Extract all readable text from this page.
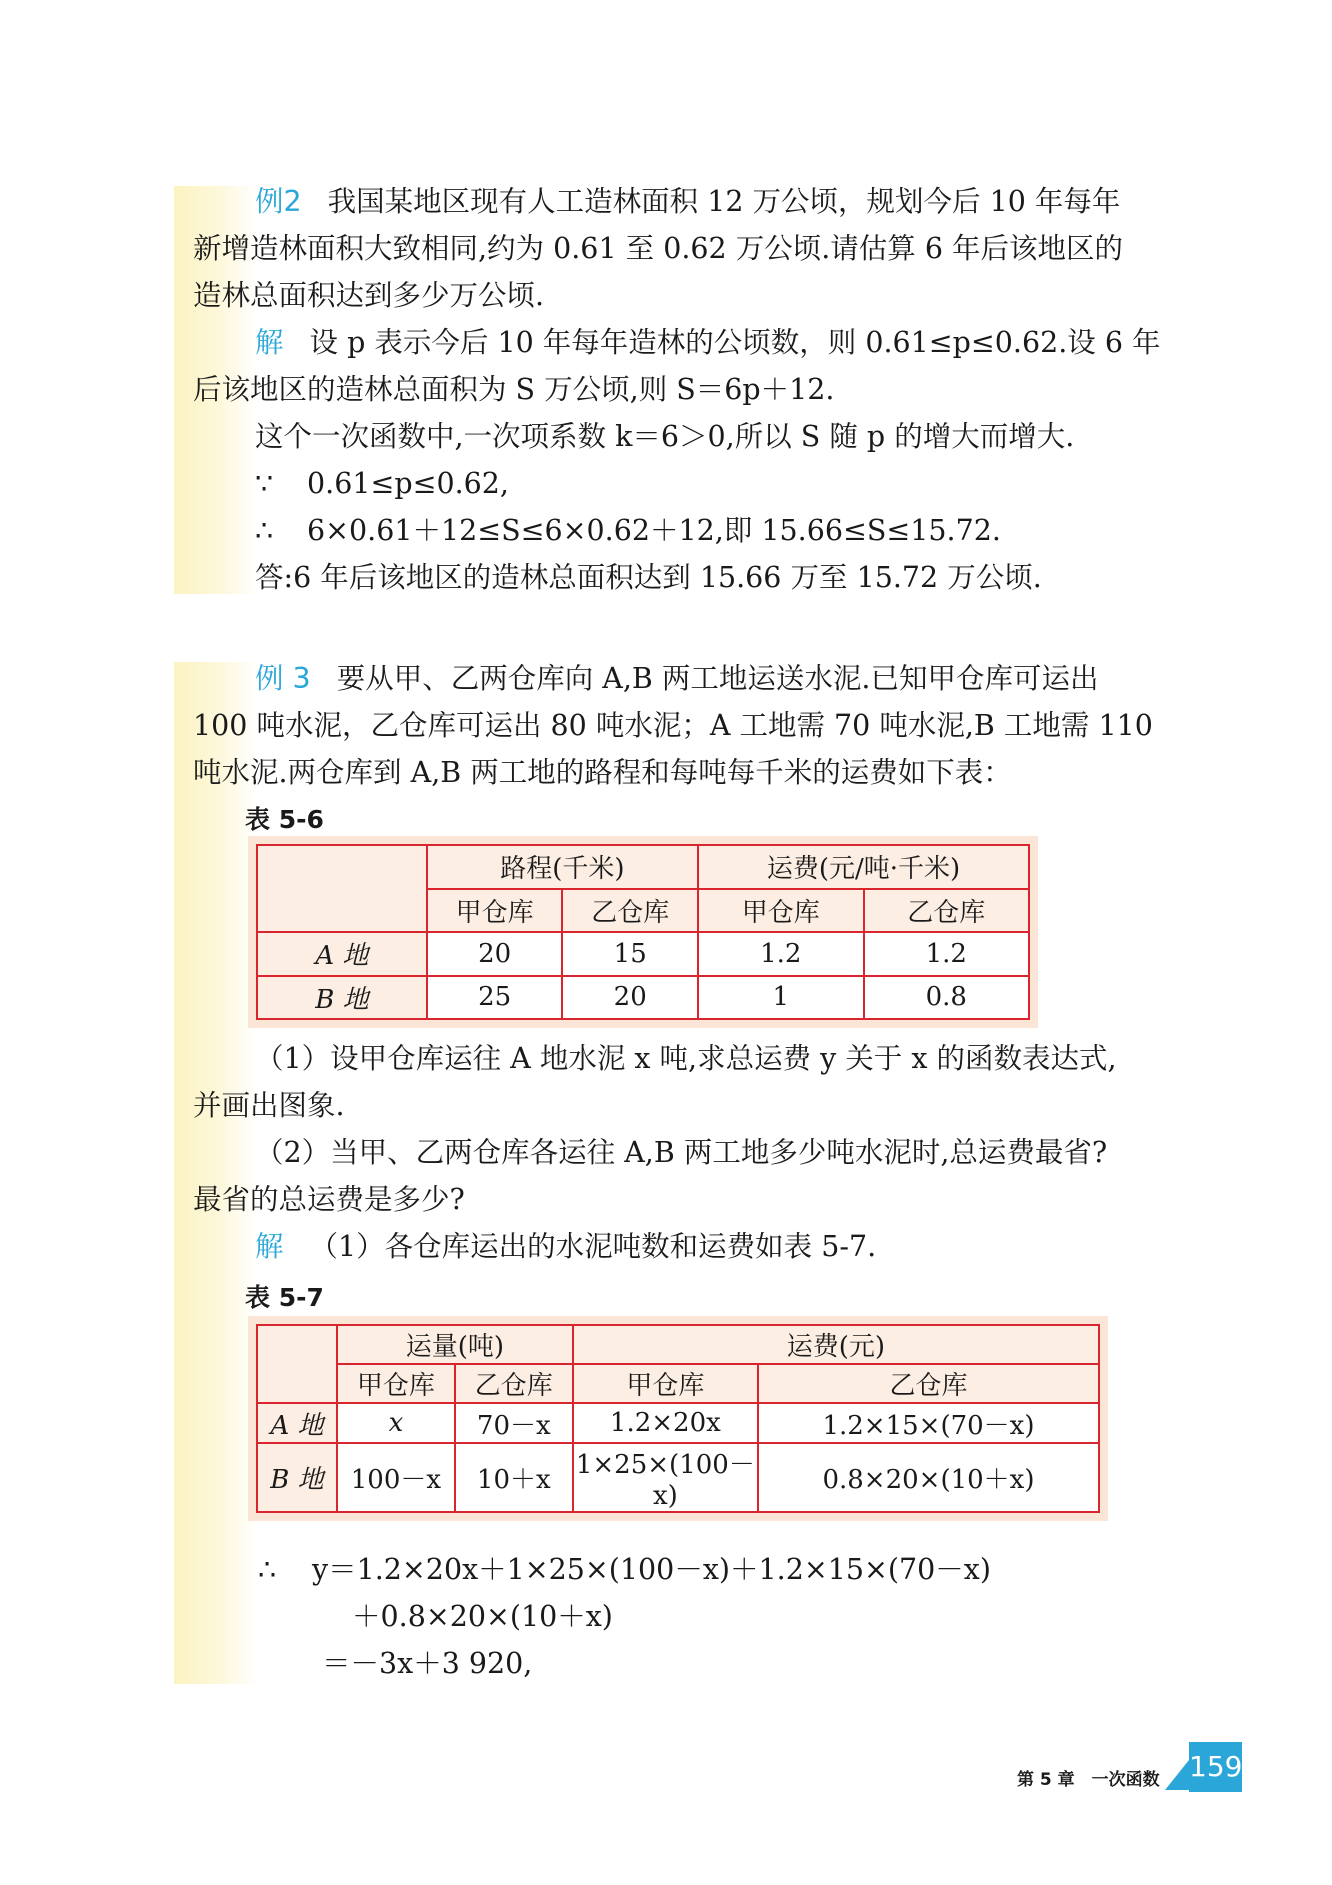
例2 我国某地区现有人工造林面积 12 万公顷，规划今后 10 年每年
新增造林面积大致相同,约为 0.61 至 0.62 万公顷.请估算 6 年后该地区的
造林总面积达到多少万公顷.
解 设 p 表示今后 10 年每年造林的公顷数，则 0.61≤p≤0.62.设 6 年
后该地区的造林总面积为 S 万公顷,则 S＝6p＋12.
这个一次函数中,一次项系数 k＝6＞0,所以 S 随 p 的增大而增大.
∵ 0.61≤p≤0.62,
∴ 6×0.61＋12≤S≤6×0.62＋12,即 15.66≤S≤15.72.
答:6 年后该地区的造林总面积达到 15.66 万至 15.72 万公顷.
例 3 要从甲、乙两仓库向 A,B 两工地运送水泥.已知甲仓库可运出
100 吨水泥，乙仓库可运出 80 吨水泥；A 工地需 70 吨水泥,B 工地需 110
吨水泥.两仓库到 A,B 两工地的路程和每吨每千米的运费如下表：
表 5-6
	路程(千米)		运费(元/吨·千米)	
	甲仓库	乙仓库	甲仓库	乙仓库
A 地	20	15	1.2	1.2
B 地	25	20	1	0.8
（1）设甲仓库运往 A 地水泥 x 吨,求总运费 y 关于 x 的函数表达式,
并画出图象.
（2）当甲、乙两仓库各运往 A,B 两工地多少吨水泥时,总运费最省?
最省的总运费是多少?
解 （1）各仓库运出的水泥吨数和运费如表 5-7.
表 5-7
	运量(吨)		运费(元)	
	甲仓库	乙仓库	甲仓库	乙仓库
A 地	x	70－x	1.2×20x	1.2×15×(70－x)
B 地	100－x	10＋x	1×25×(100－x)	0.8×20×(10＋x)
∴ y＝1.2×20x＋1×25×(100－x)＋1.2×15×(70－x)
＋0.8×20×(10＋x)
＝－3x＋3 920,
第 5 章　一次函数 159
